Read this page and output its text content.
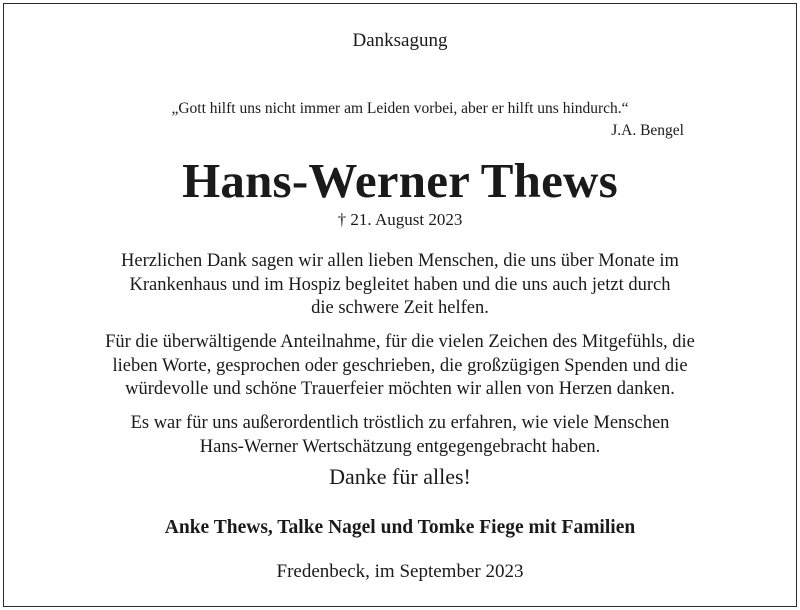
Danksagung
„Gott hilft uns nicht immer am Leiden vorbei, aber er hilft uns hindurch.“
J.A. Bengel
Hans-Werner Thews
† 21. August 2023
Herzlichen Dank sagen wir allen lieben Menschen, die uns über Monate im
Krankenhaus und im Hospiz begleitet haben und die uns auch jetzt durch
die schwere Zeit helfen.
Für die überwältigende Anteilnahme, für die vielen Zeichen des Mitgefühls, die
lieben Worte, gesprochen oder geschrieben, die großzügigen Spenden und die
würdevolle und schöne Trauerfeier möchten wir allen von Herzen danken.
Es war für uns außerordentlich tröstlich zu erfahren, wie viele Menschen
Hans-Werner Wertschätzung entgegengebracht haben.
Danke für alles!
Anke Thews, Talke Nagel und Tomke Fiege mit Familien
Fredenbeck, im September 2023
